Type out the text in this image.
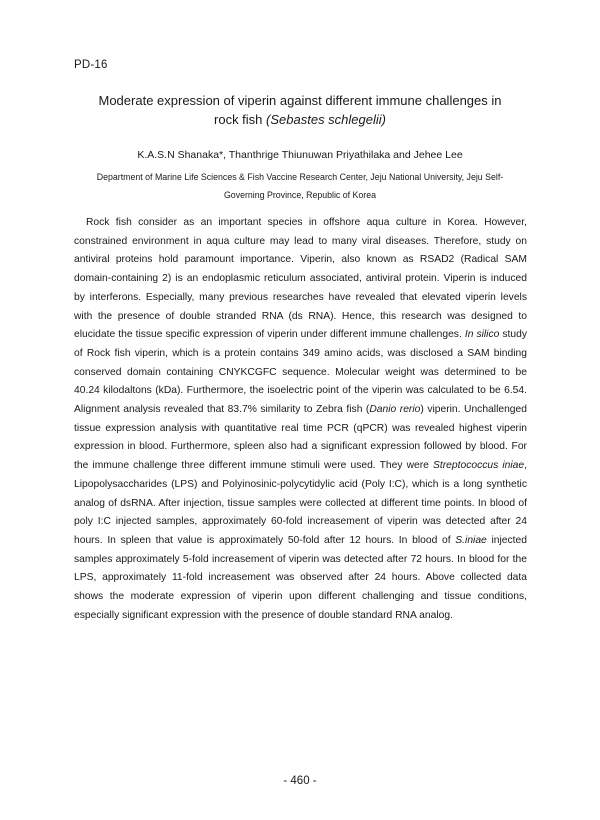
PD-16
Moderate expression of viperin against different immune challenges in
rock fish (Sebastes schlegelii)
K.A.S.N Shanaka*, Thanthrige Thiunuwan Priyathilaka and Jehee Lee
Department of Marine Life Sciences & Fish Vaccine Research Center, Jeju National University, Jeju Self-
Governing Province, Republic of Korea
Rock fish consider as an important species in offshore aqua culture in Korea. However, constrained environment in aqua culture may lead to many viral diseases. Therefore, study on antiviral proteins hold paramount importance. Viperin, also known as RSAD2 (Radical SAM domain-containing 2) is an endoplasmic reticulum associated, antiviral protein. Viperin is induced by interferons. Especially, many previous researches have revealed that elevated viperin levels with the presence of double stranded RNA (ds RNA). Hence, this research was designed to elucidate the tissue specific expression of viperin under different immune challenges. In silico study of Rock fish viperin, which is a protein contains 349 amino acids, was disclosed a SAM binding conserved domain containing CNYKCGFC sequence. Molecular weight was determined to be 40.24 kilodaltons (kDa). Furthermore, the isoelectric point of the viperin was calculated to be 6.54. Alignment analysis revealed that 83.7% similarity to Zebra fish (Danio rerio) viperin. Unchallenged tissue expression analysis with quantitative real time PCR (qPCR) was revealed highest viperin expression in blood. Furthermore, spleen also had a significant expression followed by blood. For the immune challenge three different immune stimuli were used. They were Streptococcus iniae, Lipopolysaccharides (LPS) and Polyinosinic-polycytidylic acid (Poly I:C), which is a long synthetic analog of dsRNA. After injection, tissue samples were collected at different time points. In blood of poly I:C injected samples, approximately 60-fold increasement of viperin was detected after 24 hours. In spleen that value is approximately 50-fold after 12 hours. In blood of S.iniae injected samples approximately 5-fold increasement of viperin was detected after 72 hours. In blood for the LPS, approximately 11-fold increasement was observed after 24 hours. Above collected data shows the moderate expression of viperin upon different challenging and tissue conditions, especially significant expression with the presence of double standard RNA analog.
- 460 -
